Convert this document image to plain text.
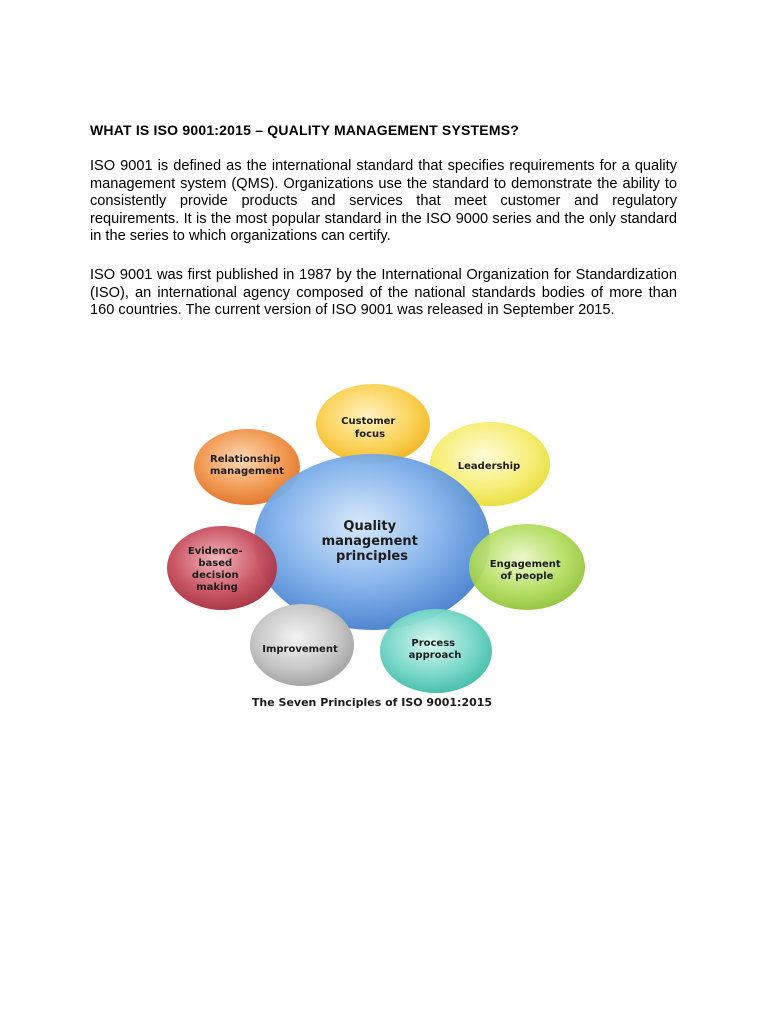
WHAT IS ISO 9001:2015 – QUALITY MANAGEMENT SYSTEMS?

ISO 9001 is defined as the international standard that specifies requirements for a quality management system (QMS). Organizations use the standard to demonstrate the ability to consistently provide products and services that meet customer and regulatory requirements. It is the most popular standard in the ISO 9000 series and the only standard in the series to which organizations can certify.

ISO 9001 was first published in 1987 by the International Organization for Standardization (ISO), an international agency composed of the national standards bodies of more than 160 countries. The current version of ISO 9001 was released in September 2015.

Quality management principles
Customer focus
Leadership
Relationship management
Evidence- based decision making
Engagement of people
Improvement
Process approach
The Seven Principles of ISO 9001:2015
